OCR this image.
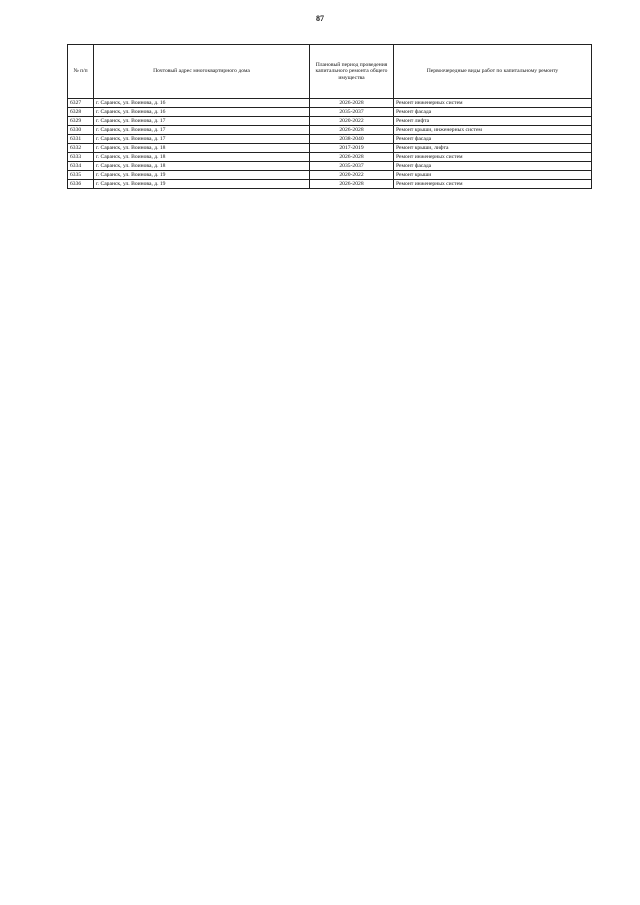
87
№ п/п	Почтовый адрес многоквартирного дома	Плановый период проведения капитального ремонта общего имущества	Первоочередные виды работ по капитальному ремонту
6327	г. Саранск, ул. Воинова, д. 16	2026-2028	Ремонт инженерных систем
6328	г. Саранск, ул. Воинова, д. 16	2035-2037	Ремонт фасада
6329	г. Саранск, ул. Воинова, д. 17	2020-2022	Ремонт лифта
6330	г. Саранск, ул. Воинова, д. 17	2026-2028	Ремонт крыши, инженерных систем
6331	г. Саранск, ул. Воинова, д. 17	2038-2040	Ремонт фасада
6332	г. Саранск, ул. Воинова, д. 18	2017-2019	Ремонт крыши, лифта
6333	г. Саранск, ул. Воинова, д. 18	2026-2028	Ремонт инженерных систем
6334	г. Саранск, ул. Воинова, д. 18	2035-2037	Ремонт фасада
6335	г. Саранск, ул. Воинова, д. 19	2020-2022	Ремонт крыши
6336	г. Саранск, ул. Воинова, д. 19	2026-2028	Ремонт инженерных систем
